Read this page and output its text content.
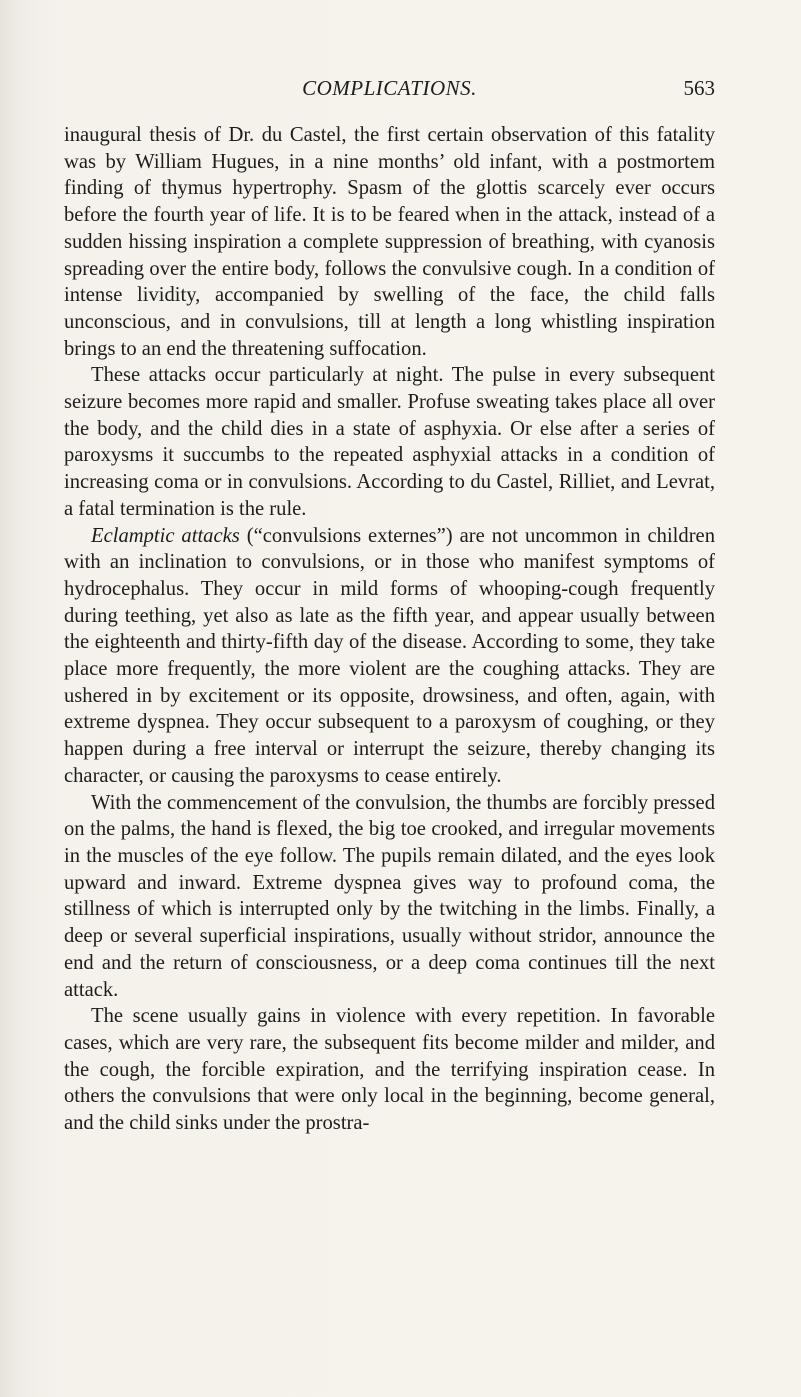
COMPLICATIONS.	563

inaugural thesis of Dr. du Castel, the first certain observation of this fatality was by William Hugues, in a nine months’ old infant, with a postmortem finding of thymus hypertrophy. Spasm of the glottis scarcely ever occurs before the fourth year of life. It is to be feared when in the attack, instead of a sudden hissing inspiration a complete suppression of breathing, with cyanosis spreading over the entire body, follows the convulsive cough. In a condition of intense lividity, accompanied by swelling of the face, the child falls unconscious, and in convulsions, till at length a long whistling inspiration brings to an end the threatening suffocation.

These attacks occur particularly at night. The pulse in every subsequent seizure becomes more rapid and smaller. Profuse sweating takes place all over the body, and the child dies in a state of asphyxia. Or else after a series of paroxysms it succumbs to the repeated asphyxial attacks in a condition of increasing coma or in convulsions. According to du Castel, Rilliet, and Levrat, a fatal termination is the rule.

Eclamptic attacks (“convulsions externes”) are not uncommon in children with an inclination to convulsions, or in those who manifest symptoms of hydrocephalus. They occur in mild forms of whooping-cough frequently during teething, yet also as late as the fifth year, and appear usually between the eighteenth and thirty-fifth day of the disease. According to some, they take place more frequently, the more violent are the coughing attacks. They are ushered in by excitement or its opposite, drowsiness, and often, again, with extreme dyspnea. They occur subsequent to a paroxysm of coughing, or they happen during a free interval or interrupt the seizure, thereby changing its character, or causing the paroxysms to cease entirely.

With the commencement of the convulsion, the thumbs are forcibly pressed on the palms, the hand is flexed, the big toe crooked, and irregular movements in the muscles of the eye follow. The pupils remain dilated, and the eyes look upward and inward. Extreme dyspnea gives way to profound coma, the stillness of which is interrupted only by the twitching in the limbs. Finally, a deep or several superficial inspirations, usually without stridor, announce the end and the return of consciousness, or a deep coma continues till the next attack.

The scene usually gains in violence with every repetition. In favorable cases, which are very rare, the subsequent fits become milder and milder, and the cough, the forcible expiration, and the terrifying inspiration cease. In others the convulsions that were only local in the beginning, become general, and the child sinks under the prostra-
